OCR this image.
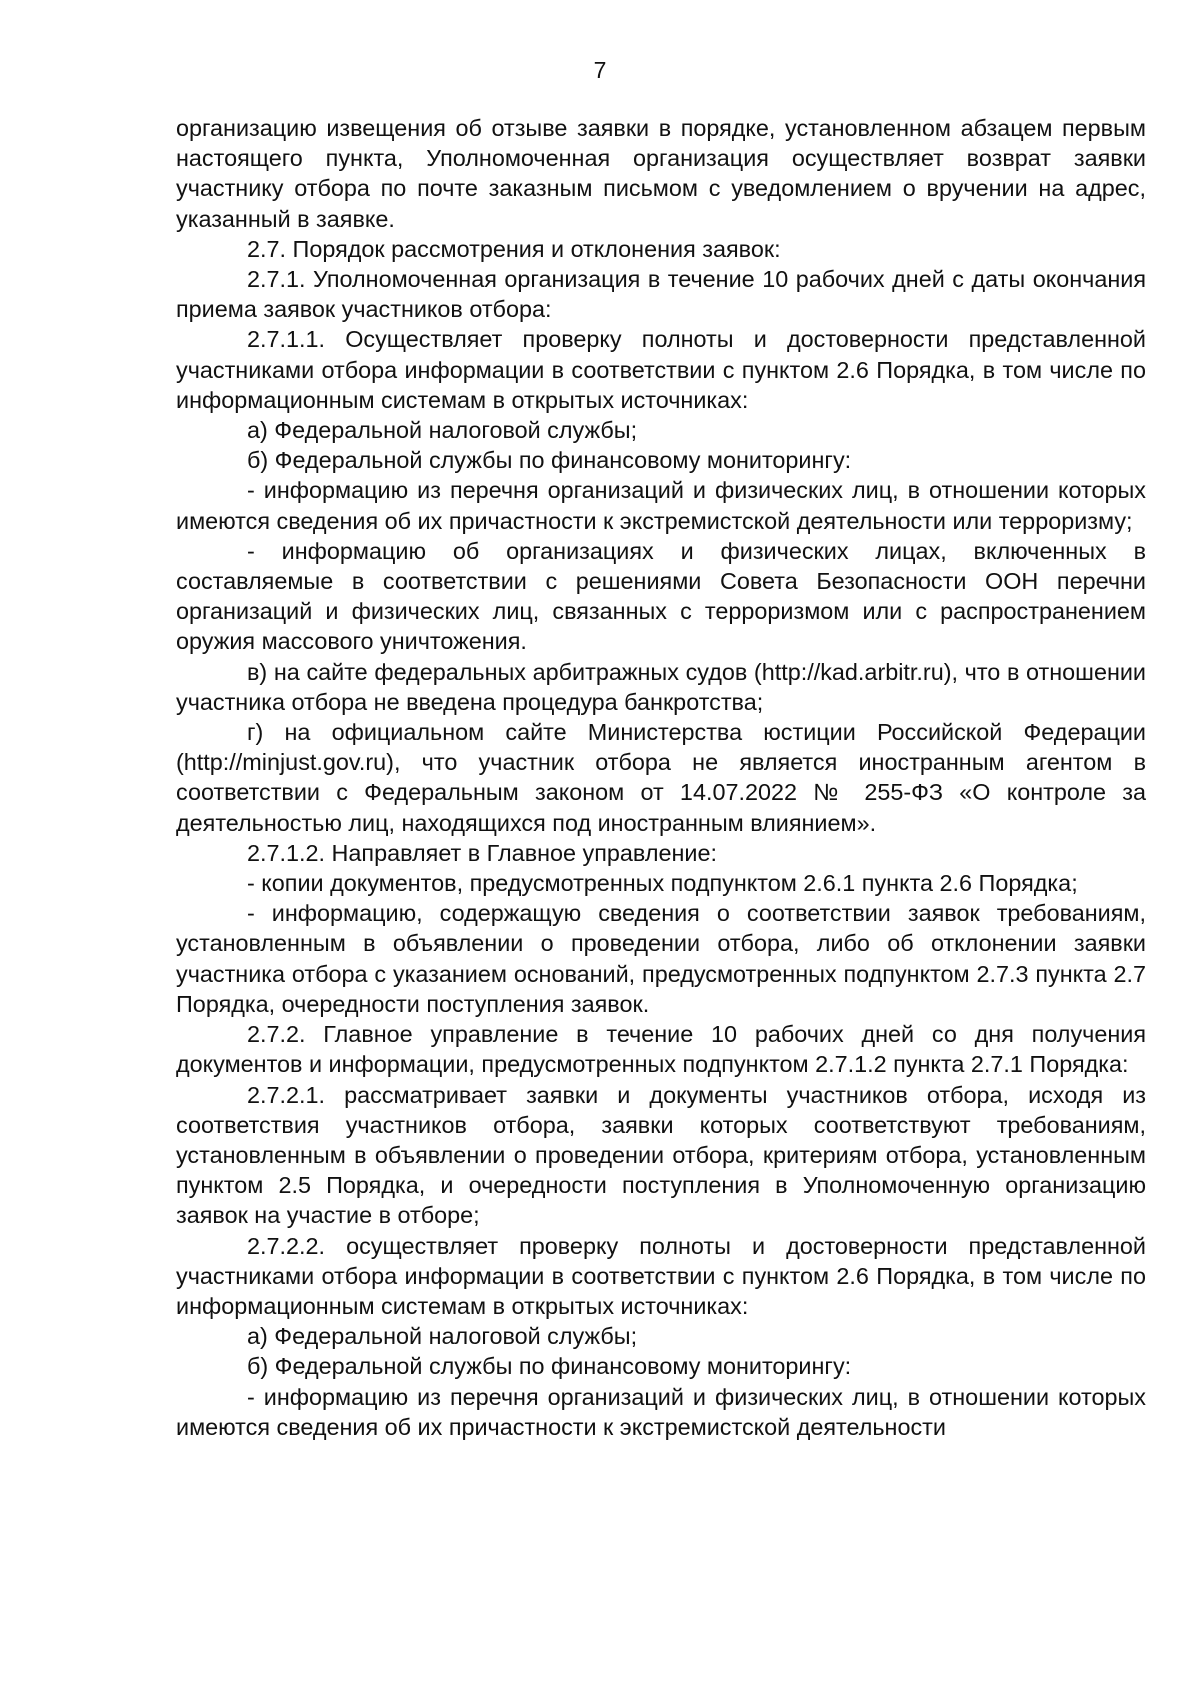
7

организацию извещения об отзыве заявки в порядке, установленном абзацем первым настоящего пункта, Уполномоченная организация осуществляет возврат заявки участнику отбора по почте заказным письмом с уведомлением о вручении на адрес, указанный в заявке.

2.7. Порядок рассмотрения и отклонения заявок:

2.7.1. Уполномоченная организация в течение 10 рабочих дней с даты окончания приема заявок участников отбора:

2.7.1.1. Осуществляет проверку полноты и достоверности представленной участниками отбора информации в соответствии с пунктом 2.6 Порядка, в том числе по информационным системам в открытых источниках:

а) Федеральной налоговой службы;

б) Федеральной службы по финансовому мониторингу:

- информацию из перечня организаций и физических лиц, в отношении которых имеются сведения об их причастности к экстремистской деятельности или терроризму;

- информацию об организациях и физических лицах, включенных в составляемые в соответствии с решениями Совета Безопасности ООН перечни организаций и физических лиц, связанных с терроризмом или с распространением оружия массового уничтожения.

в) на сайте федеральных арбитражных судов (http://kad.arbitr.ru), что в отношении участника отбора не введена процедура банкротства;

г) на официальном сайте Министерства юстиции Российской Федерации (http://minjust.gov.ru), что участник отбора не является иностранным агентом в соответствии с Федеральным законом от 14.07.2022 № 255-ФЗ «О контроле за деятельностью лиц, находящихся под иностранным влиянием».

2.7.1.2. Направляет в Главное управление:

- копии документов, предусмотренных подпунктом 2.6.1 пункта 2.6 Порядка;

- информацию, содержащую сведения о соответствии заявок требованиям, установленным в объявлении о проведении отбора, либо об отклонении заявки участника отбора с указанием оснований, предусмотренных подпунктом 2.7.3 пункта 2.7 Порядка, очередности поступления заявок.

2.7.2. Главное управление в течение 10 рабочих дней со дня получения документов и информации, предусмотренных подпунктом 2.7.1.2 пункта 2.7.1 Порядка:

2.7.2.1. рассматривает заявки и документы участников отбора, исходя из соответствия участников отбора, заявки которых соответствуют требованиям, установленным в объявлении о проведении отбора, критериям отбора, установленным пунктом 2.5 Порядка, и очередности поступления в Уполномоченную организацию заявок на участие в отборе;

2.7.2.2. осуществляет проверку полноты и достоверности представленной участниками отбора информации в соответствии с пунктом 2.6 Порядка, в том числе по информационным системам в открытых источниках:

а) Федеральной налоговой службы;

б) Федеральной службы по финансовому мониторингу:

- информацию из перечня организаций и физических лиц, в отношении которых имеются сведения об их причастности к экстремистской деятельности
